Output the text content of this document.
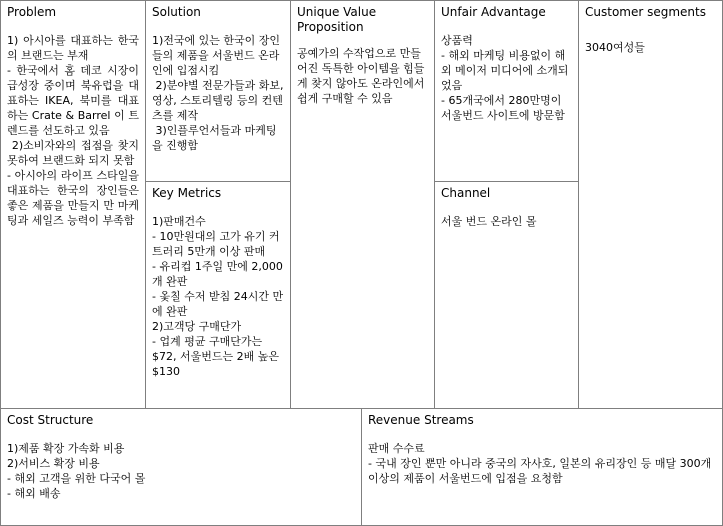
Problem
1) 아시아를 대표하는 한국의 브랜드는 부재
- 한국에서 홈 데코 시장이 급성장 중이며 북유럽을 대표하는 IKEA, 북미를 대표하는 Crate & Barrel 이 트렌드를 선도하고 있음
2)소비자와의 접점을 찾지 못하여 브랜드화 되지 못함
- 아시아의 라이프 스타일을 대표하는 한국의 장인들은 좋은 제품을 만들지 만 마케팅과 세일즈 능력이 부족함
Solution
1)전국에 있는 한국이 장인들의 제품을 서울번드 온라인에 입점시킴
2)분야별 전문가들과 화보, 영상, 스토리텔링 등의 컨텐츠를 제작
3)인플루언서들과 마케팅을 진행함
Key Metrics
1)판매건수
- 10만원대의 고가 유기 커트러리 5만개 이상 판매
- 유리컵 1주일 만에 2,000개 완판
- 옻칠 수저 받침 24시간 만에 완판
2)고객당 구매단가
- 업계 평균 구매단가는 $72, 서울번드는 2배 높은 $130
Unique Value Proposition
공예가의 수작업으로 만들어진 독특한 아이템을 힘들게 찾지 않아도 온라인에서 쉽게 구매할 수 있음
Unfair Advantage
상품력
- 해외 마케팅 비용없이 해외 메이저 미디어에 소개되었음
- 65개국에서 280만명이 서울번드 사이트에 방문함
Channel
서울 번드 온라인 몰
Customer segments
3040여성들
Cost Structure
1)제품 확장 가속화 비용
2)서비스 확장 비용
- 해외 고객을 위한 다국어 몰
- 해외 배송
Revenue Streams
판매 수수료
- 국내 장인 뿐만 아니라 중국의 자사호, 일본의 유리장인 등 매달 300개 이상의 제품이 서울번드에 입점을 요청함
